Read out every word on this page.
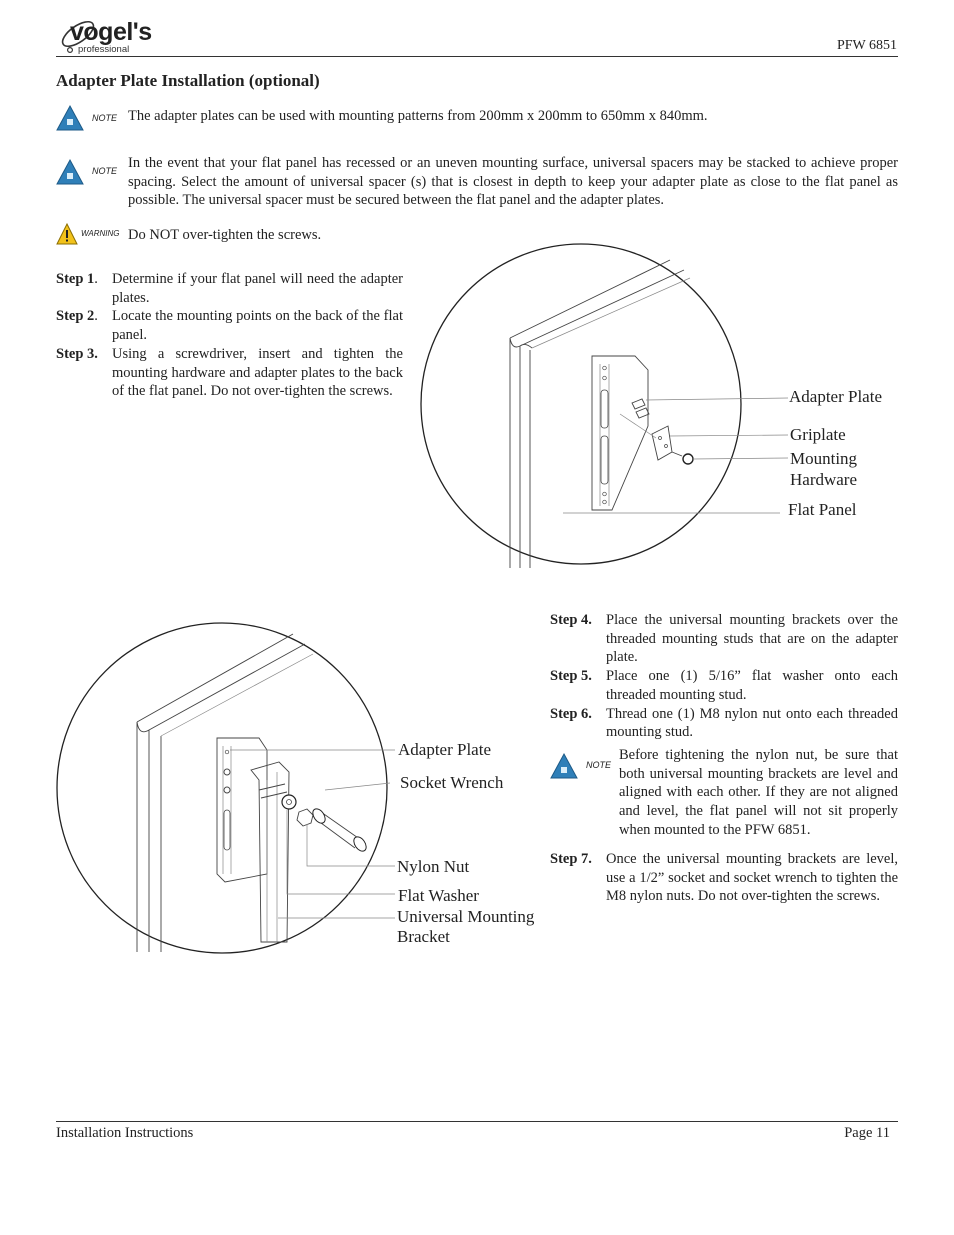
vogel's
professional	PFW 6851
Adapter Plate Installation (optional)
NOTE The adapter plates can be used with mounting patterns from 200mm x 200mm to 650mm x 840mm.
NOTE In the event that your flat panel has recessed or an uneven mounting surface, universal spacers may be stacked to achieve proper spacing. Select the amount of universal spacer (s) that is closest in depth to keep your adapter plate as close to the flat panel as possible. The universal spacer must be secured between the flat panel and the adapter plates.
WARNING Do NOT over-tighten the screws.
Step 1. Determine if your flat panel will need the adapter plates.
Step 2. Locate the mounting points on the back of the flat panel.
Step 3. Using a screwdriver, insert and tighten the mounting hardware and adapter plates to the back of the flat panel. Do not over-tighten the screws.	Adapter Plate
Griplate
Mounting
Hardware
Flat Panel
Adapter Plate
Socket Wrench
Nylon Nut
Flat Washer
Universal Mounting
Bracket
Step 4. Place the universal mounting brackets over the threaded mounting studs that are on the adapter plate.
Step 5. Place one (1) 5/16” flat washer onto each threaded mounting stud.
Step 6. Thread one (1) M8 nylon nut onto each threaded mounting stud.
NOTE
Before tightening the nylon nut, be sure that both universal mounting brackets are level and aligned with each other. If they are not aligned and level, the flat panel will not sit properly when mounted to the PFW 6851.
Step 7. Once the universal mounting brackets are level, use a 1/2” socket and socket wrench to tighten the M8 nylon nuts. Do not over-tighten the screws.
Installation Instructions	Page 11
